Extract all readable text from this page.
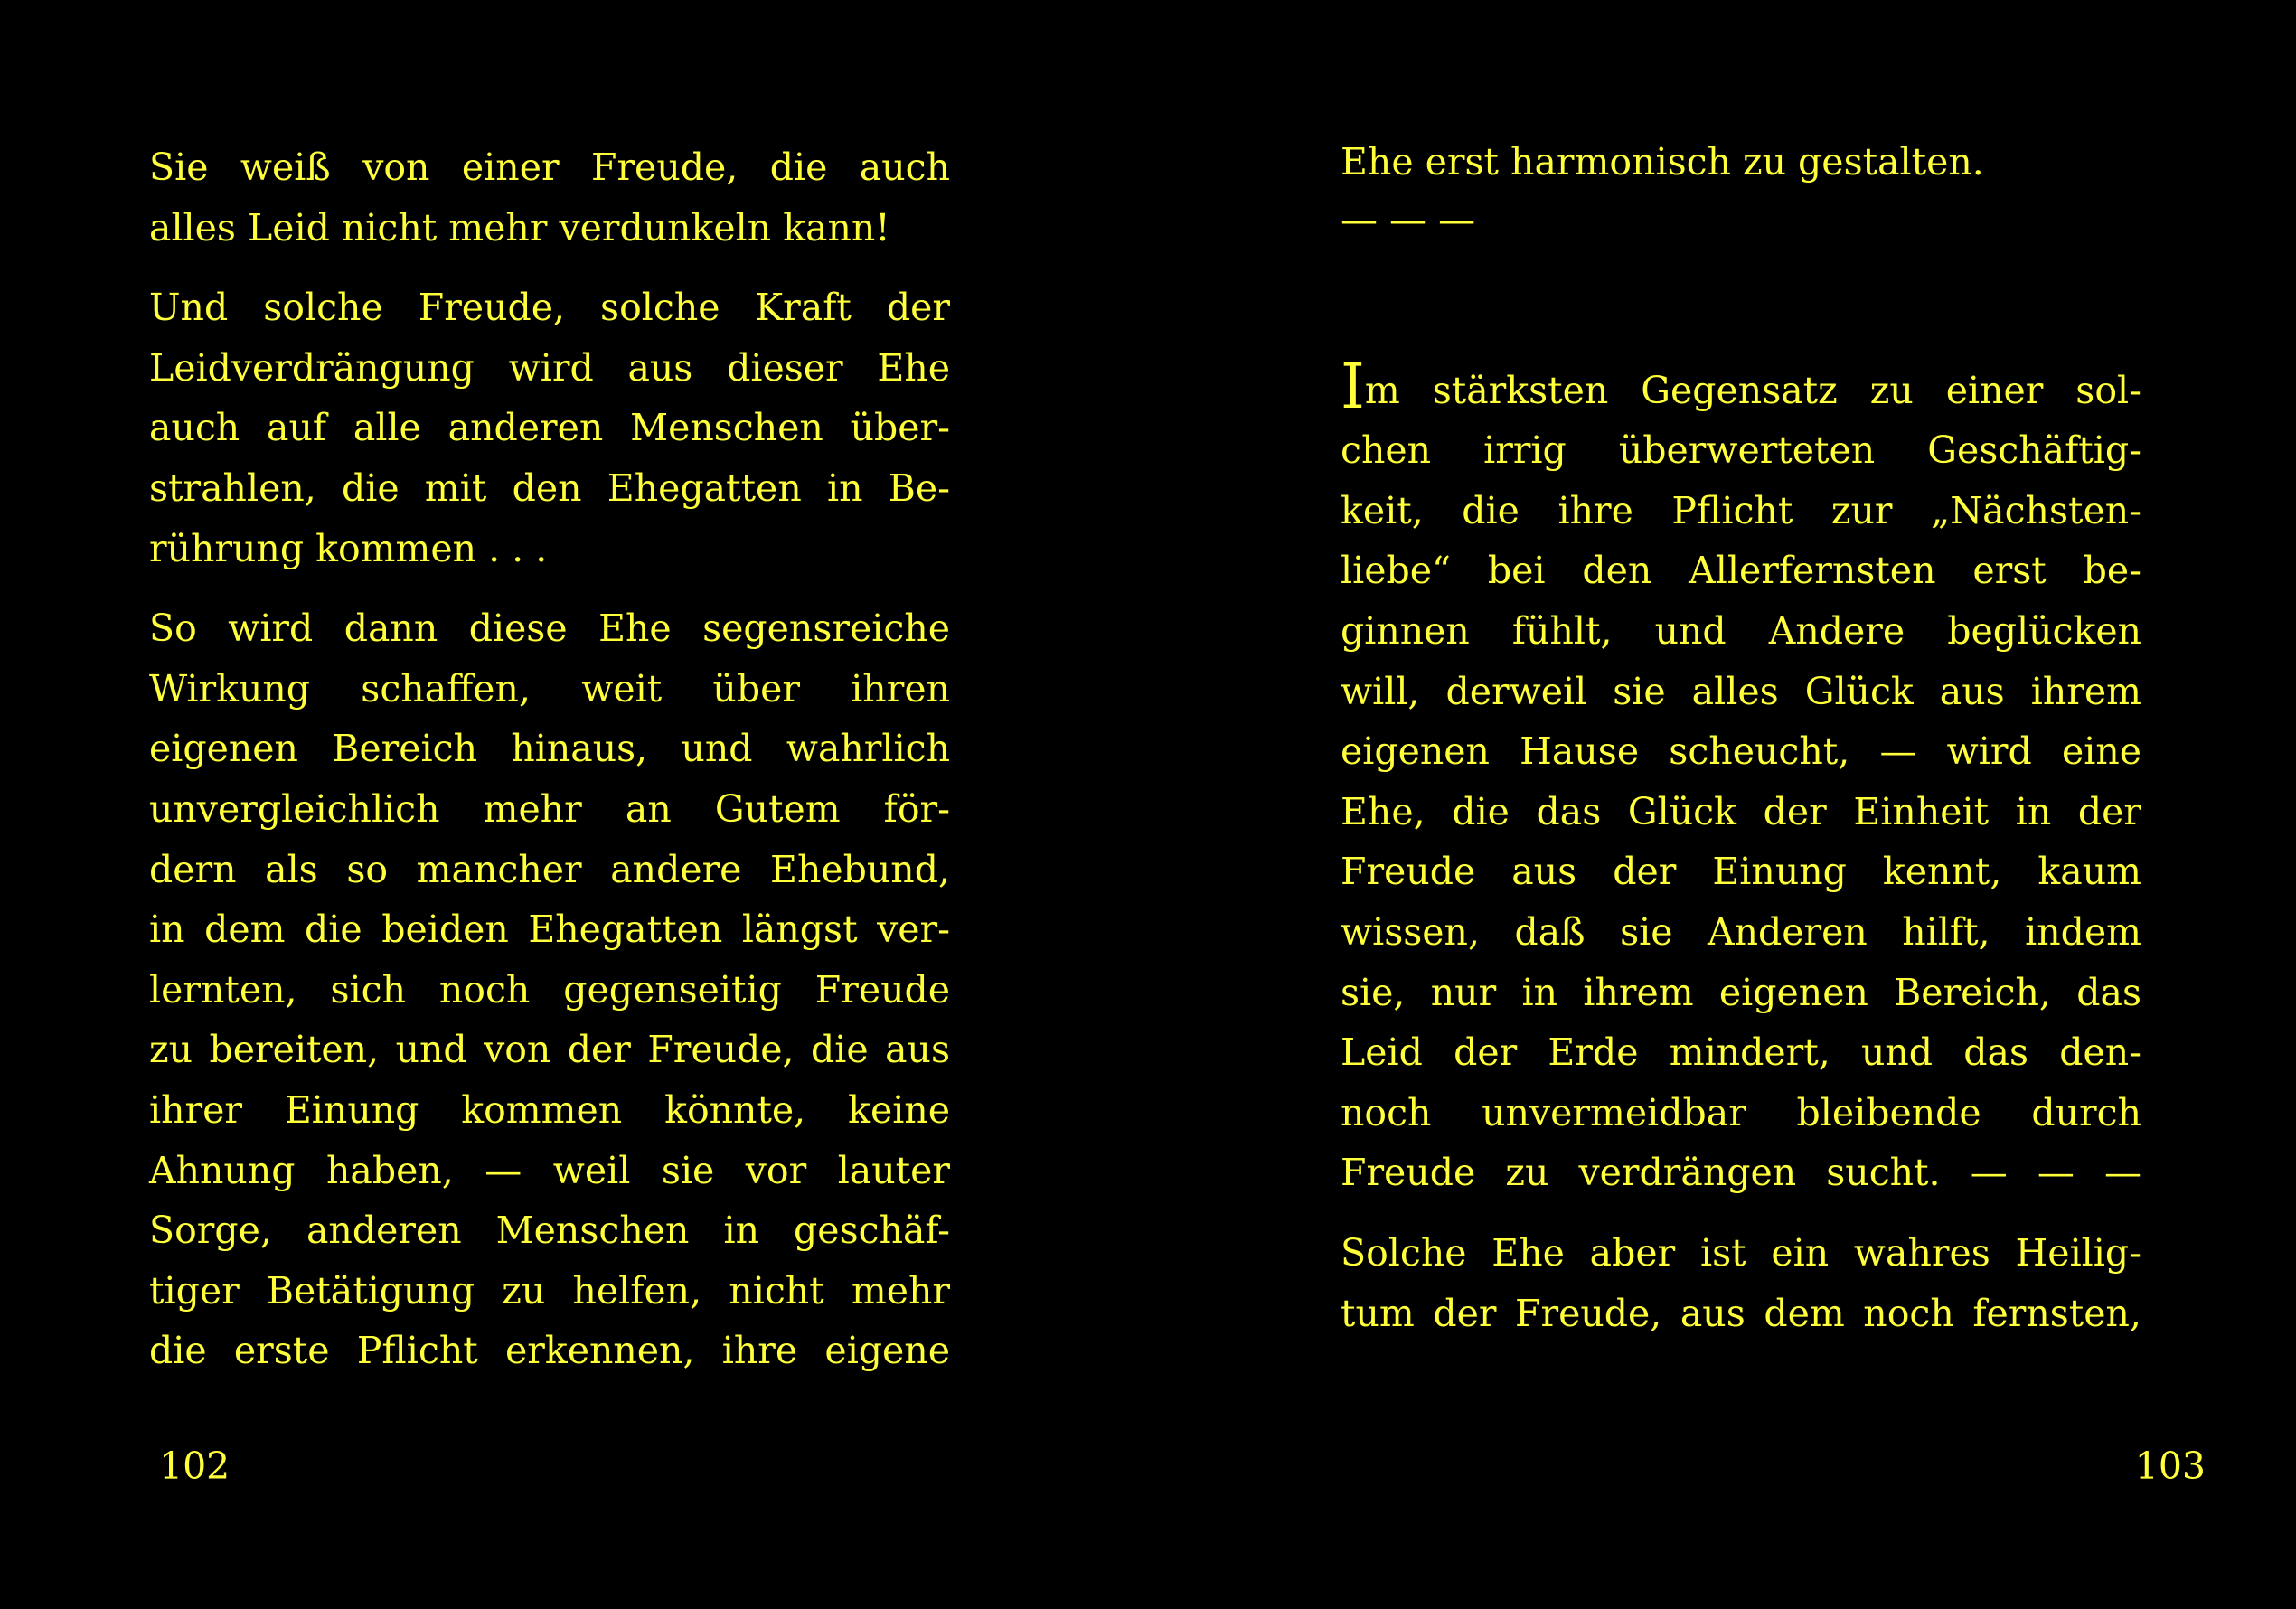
Sie weiß von einer Freude, die auch
alles Leid nicht mehr verdunkeln kann!
Und solche Freude, solche Kraft der
Leidverdrängung wird aus dieser Ehe
auch auf alle anderen Menschen über-
strahlen, die mit den Ehegatten in Be-
rührung kommen . . .
So wird dann diese Ehe segensreiche
Wirkung schaffen, weit über ihren
eigenen Bereich hinaus, und wahrlich
unvergleichlich mehr an Gutem för-
dern als so mancher andere Ehebund,
in dem die beiden Ehegatten längst ver-
lernten, sich noch gegenseitig Freude
zu bereiten, und von der Freude, die aus
ihrer Einung kommen könnte, keine
Ahnung haben, — weil sie vor lauter
Sorge, anderen Menschen in geschäf-
tiger Betätigung zu helfen, nicht mehr
die erste Pflicht erkennen, ihre eigene
102
Ehe erst harmonisch zu gestalten.
— — —
Im stärksten Gegensatz zu einer sol-
chen irrig überwerteten Geschäftig-
keit, die ihre Pflicht zur „Nächsten-
liebe“ bei den Allerfernsten erst be-
ginnen fühlt, und Andere beglücken
will, derweil sie alles Glück aus ihrem
eigenen Hause scheucht, — wird eine
Ehe, die das Glück der Einheit in der
Freude aus der Einung kennt, kaum
wissen, daß sie Anderen hilft, indem
sie, nur in ihrem eigenen Bereich, das
Leid der Erde mindert, und das den-
noch unvermeidbar bleibende durch
Freude zu verdrängen sucht. — — —
Solche Ehe aber ist ein wahres Heilig-
tum der Freude, aus dem noch fernsten,
103
